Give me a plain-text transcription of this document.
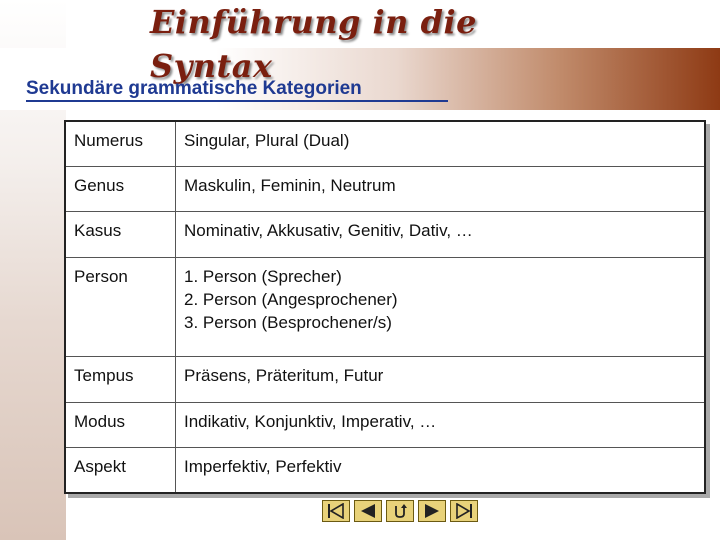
Einführung in die Syntax
Sekundäre grammatische Kategorien
Numerus	Singular, Plural (Dual)

Genus	Maskulin, Feminin, Neutrum

Kasus	Nominativ, Akkusativ, Genitiv, Dativ, …

Person	1. Person (Sprecher)
2. Person (Angesprochener)
3. Person (Besprochener/s)

Tempus	Präsens, Präteritum, Futur

Modus	Indikativ, Konjunktiv, Imperativ, …

Aspekt	Imperfektiv, Perfektiv
